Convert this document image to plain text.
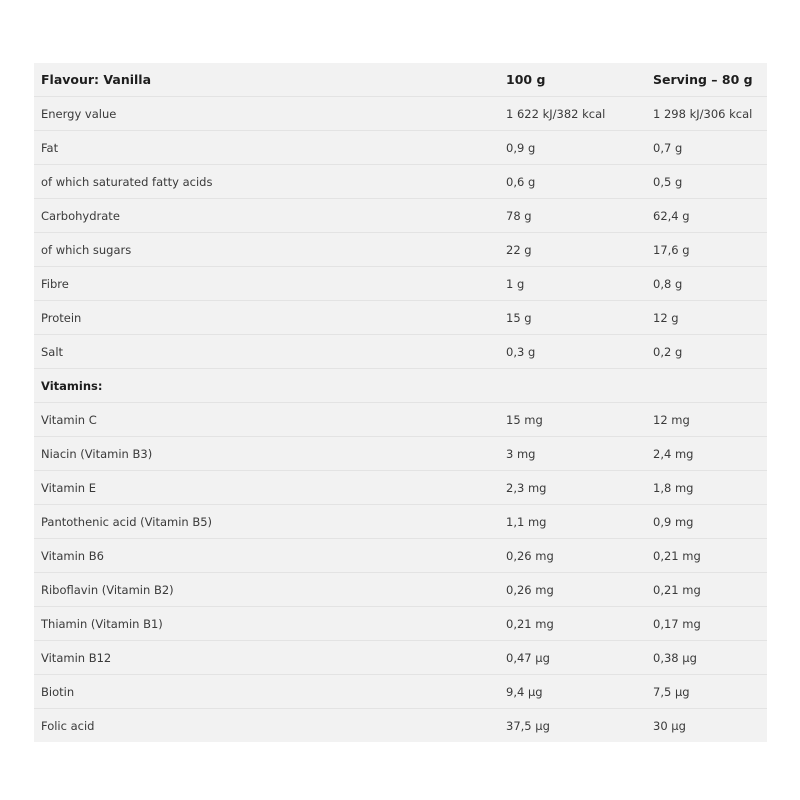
Flavour: Vanilla	100 g	Serving – 80 g
Energy value	1 622 kJ/382 kcal	1 298 kJ/306 kcal
Fat	0,9 g	0,7 g
of which saturated fatty acids	0,6 g	0,5 g
Carbohydrate	78 g	62,4 g
of which sugars	22 g	17,6 g
Fibre	1 g	0,8 g
Protein	15 g	12 g
Salt	0,3 g	0,2 g
Vitamins:		
Vitamin C	15 mg	12 mg
Niacin (Vitamin B3)	3 mg	2,4 mg
Vitamin E	2,3 mg	1,8 mg
Pantothenic acid (Vitamin B5)	1,1 mg	0,9 mg
Vitamin B6	0,26 mg	0,21 mg
Riboflavin (Vitamin B2)	0,26 mg	0,21 mg
Thiamin (Vitamin B1)	0,21 mg	0,17 mg
Vitamin B12	0,47 µg	0,38 µg
Biotin	9,4 µg	7,5 µg
Folic acid	37,5 µg	30 µg
